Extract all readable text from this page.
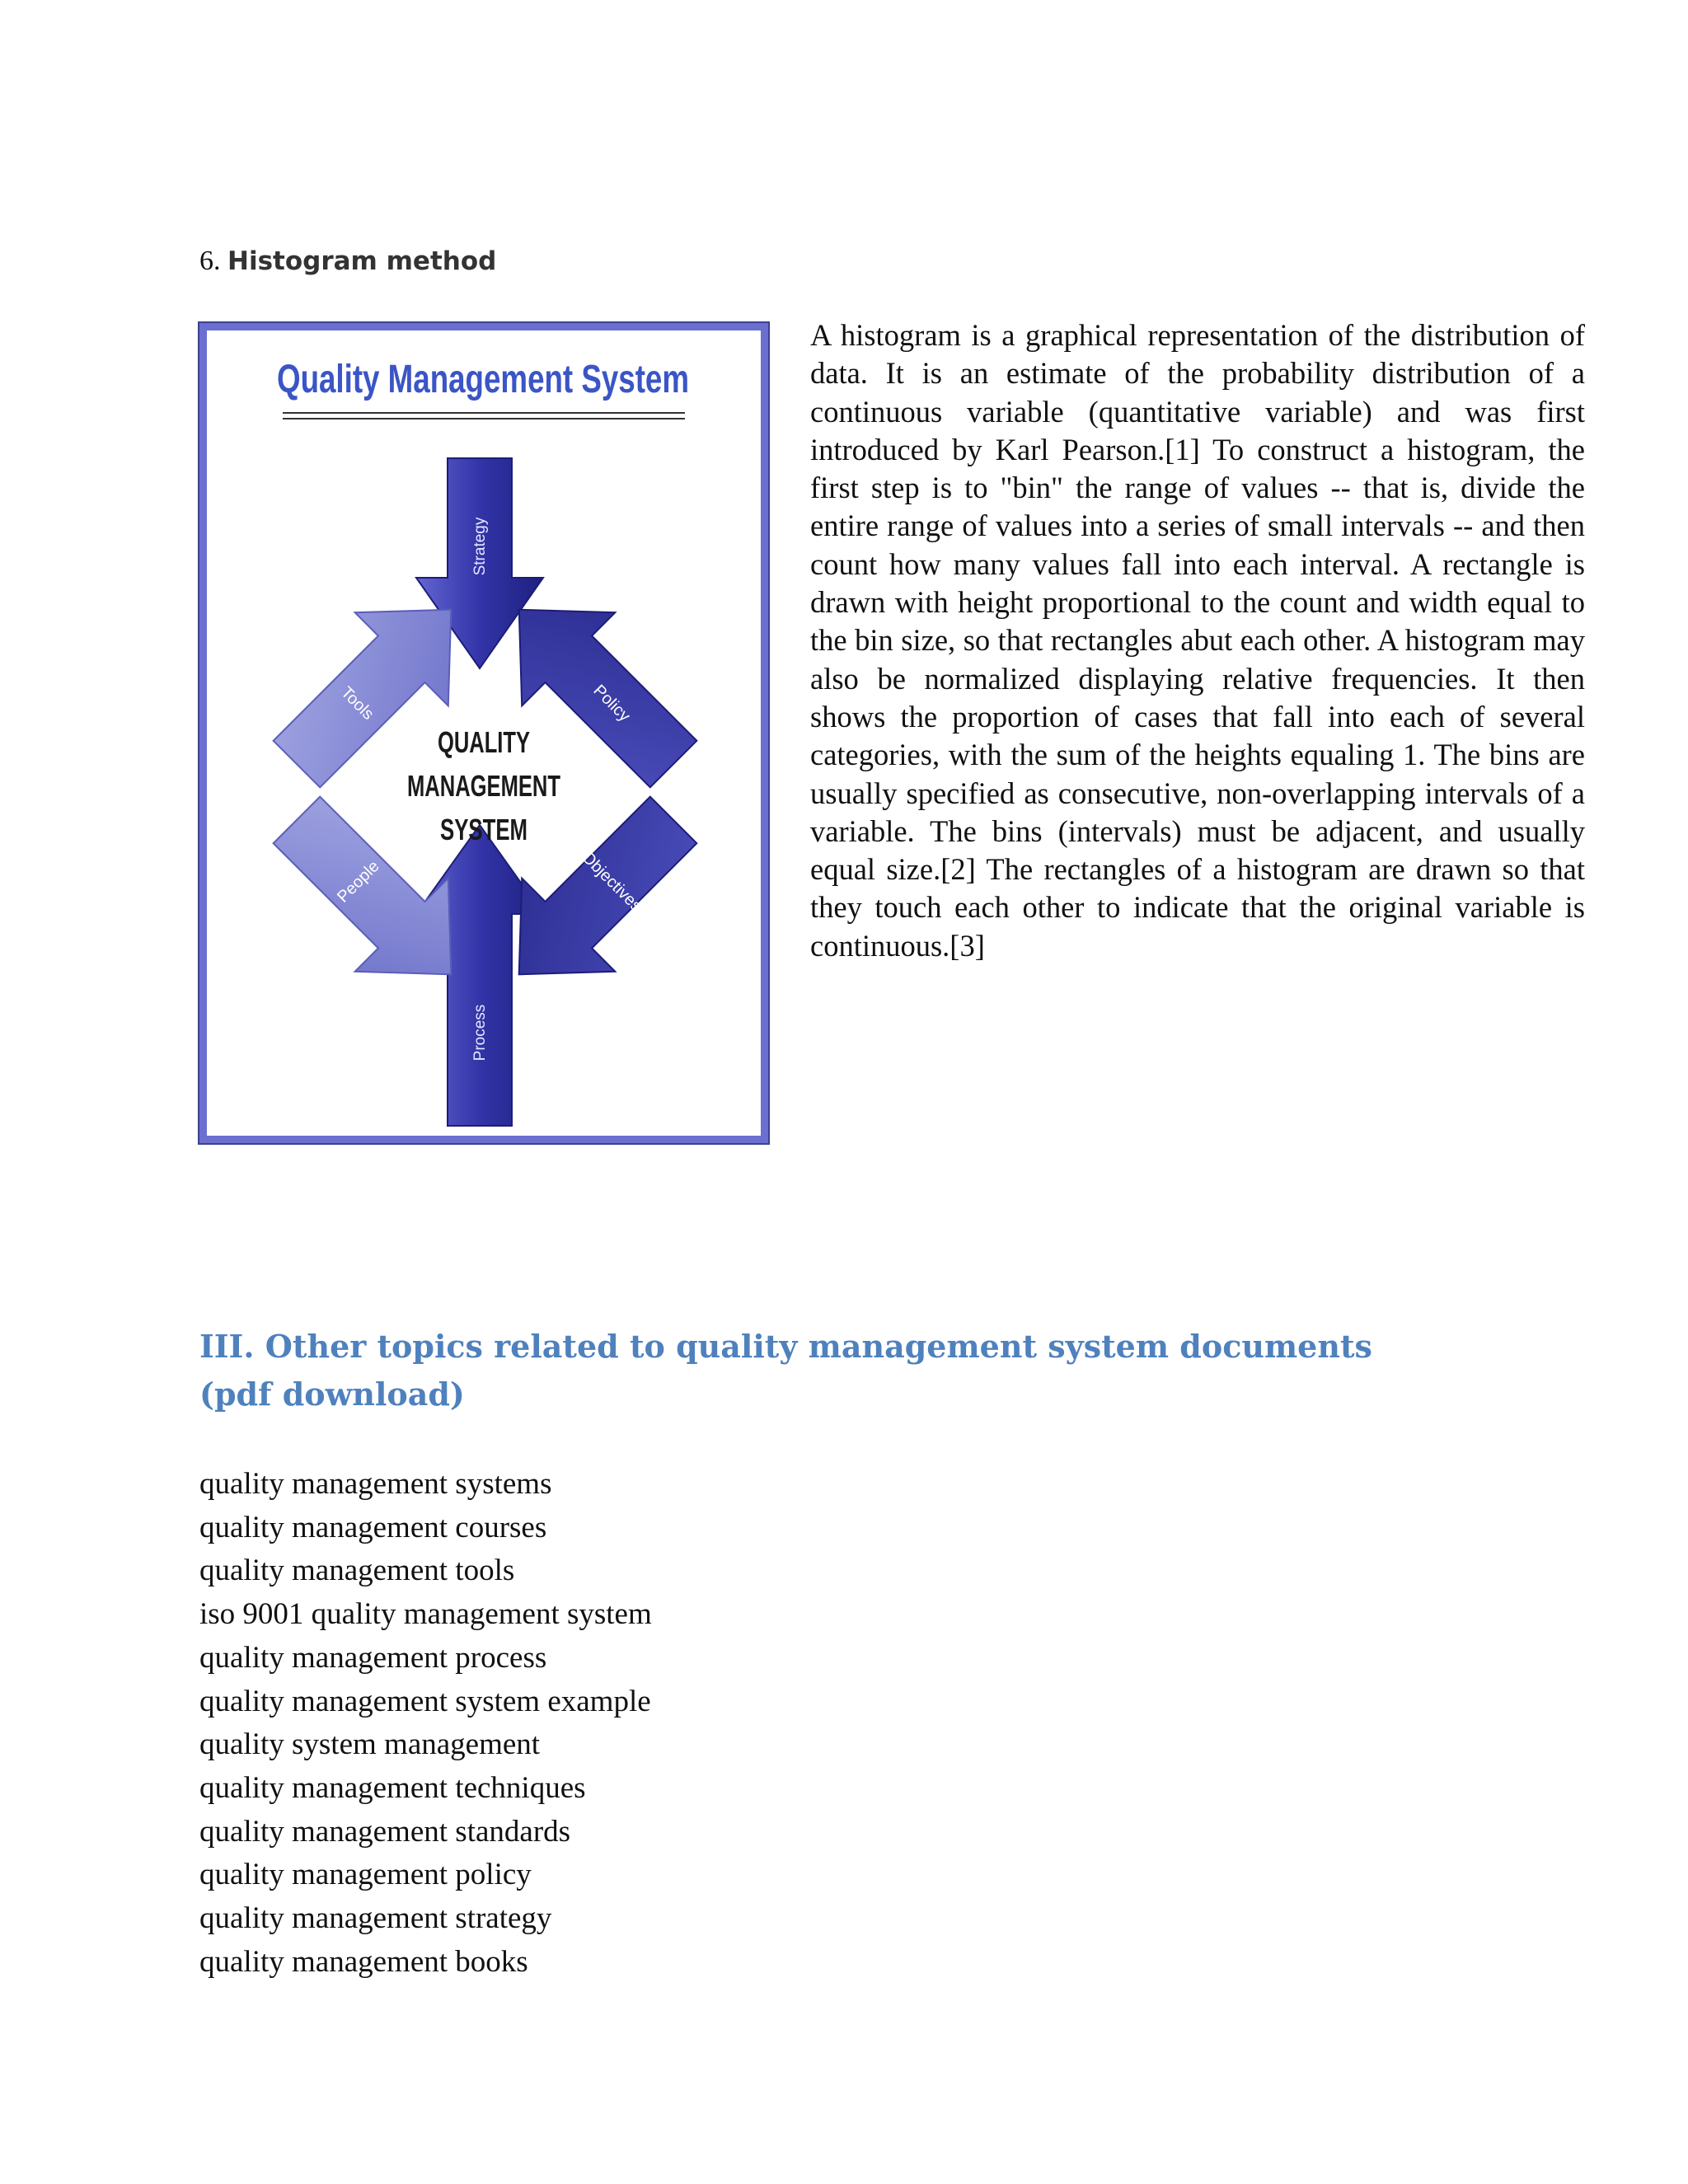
6. Histogram method
Quality Management System
Strategy
Process
Tools	Policy
People	Objectives
QUALITY
MANAGEMENT
SYSTEM

A histogram is a graphical representation of the distribution of data. It is an estimate of the probability distribution of a continuous variable (quantitative variable) and was first introduced by Karl Pearson.[1] To construct a histogram, the first step is to "bin" the range of values -- that is, divide the entire range of values into a series of small intervals -- and then count how many values fall into each interval. A rectangle is drawn with height proportional to the count and width equal to the bin size, so that rectangles abut each other. A histogram may also be normalized displaying relative frequencies. It then shows the proportion of cases that fall into each of several categories, with the sum of the heights equaling 1. The bins are usually specified as consecutive, non-overlapping intervals of a variable. The bins (intervals) must be adjacent, and usually equal size.[2] The rectangles of a histogram are drawn so that they touch each other to indicate that the original variable is continuous.[3]

III. Other topics related to quality management system documents (pdf download)
quality management systems
quality management courses
quality management tools
iso 9001 quality management system
quality management process
quality management system example
quality system management
quality management techniques
quality management standards
quality management policy
quality management strategy
quality management books
